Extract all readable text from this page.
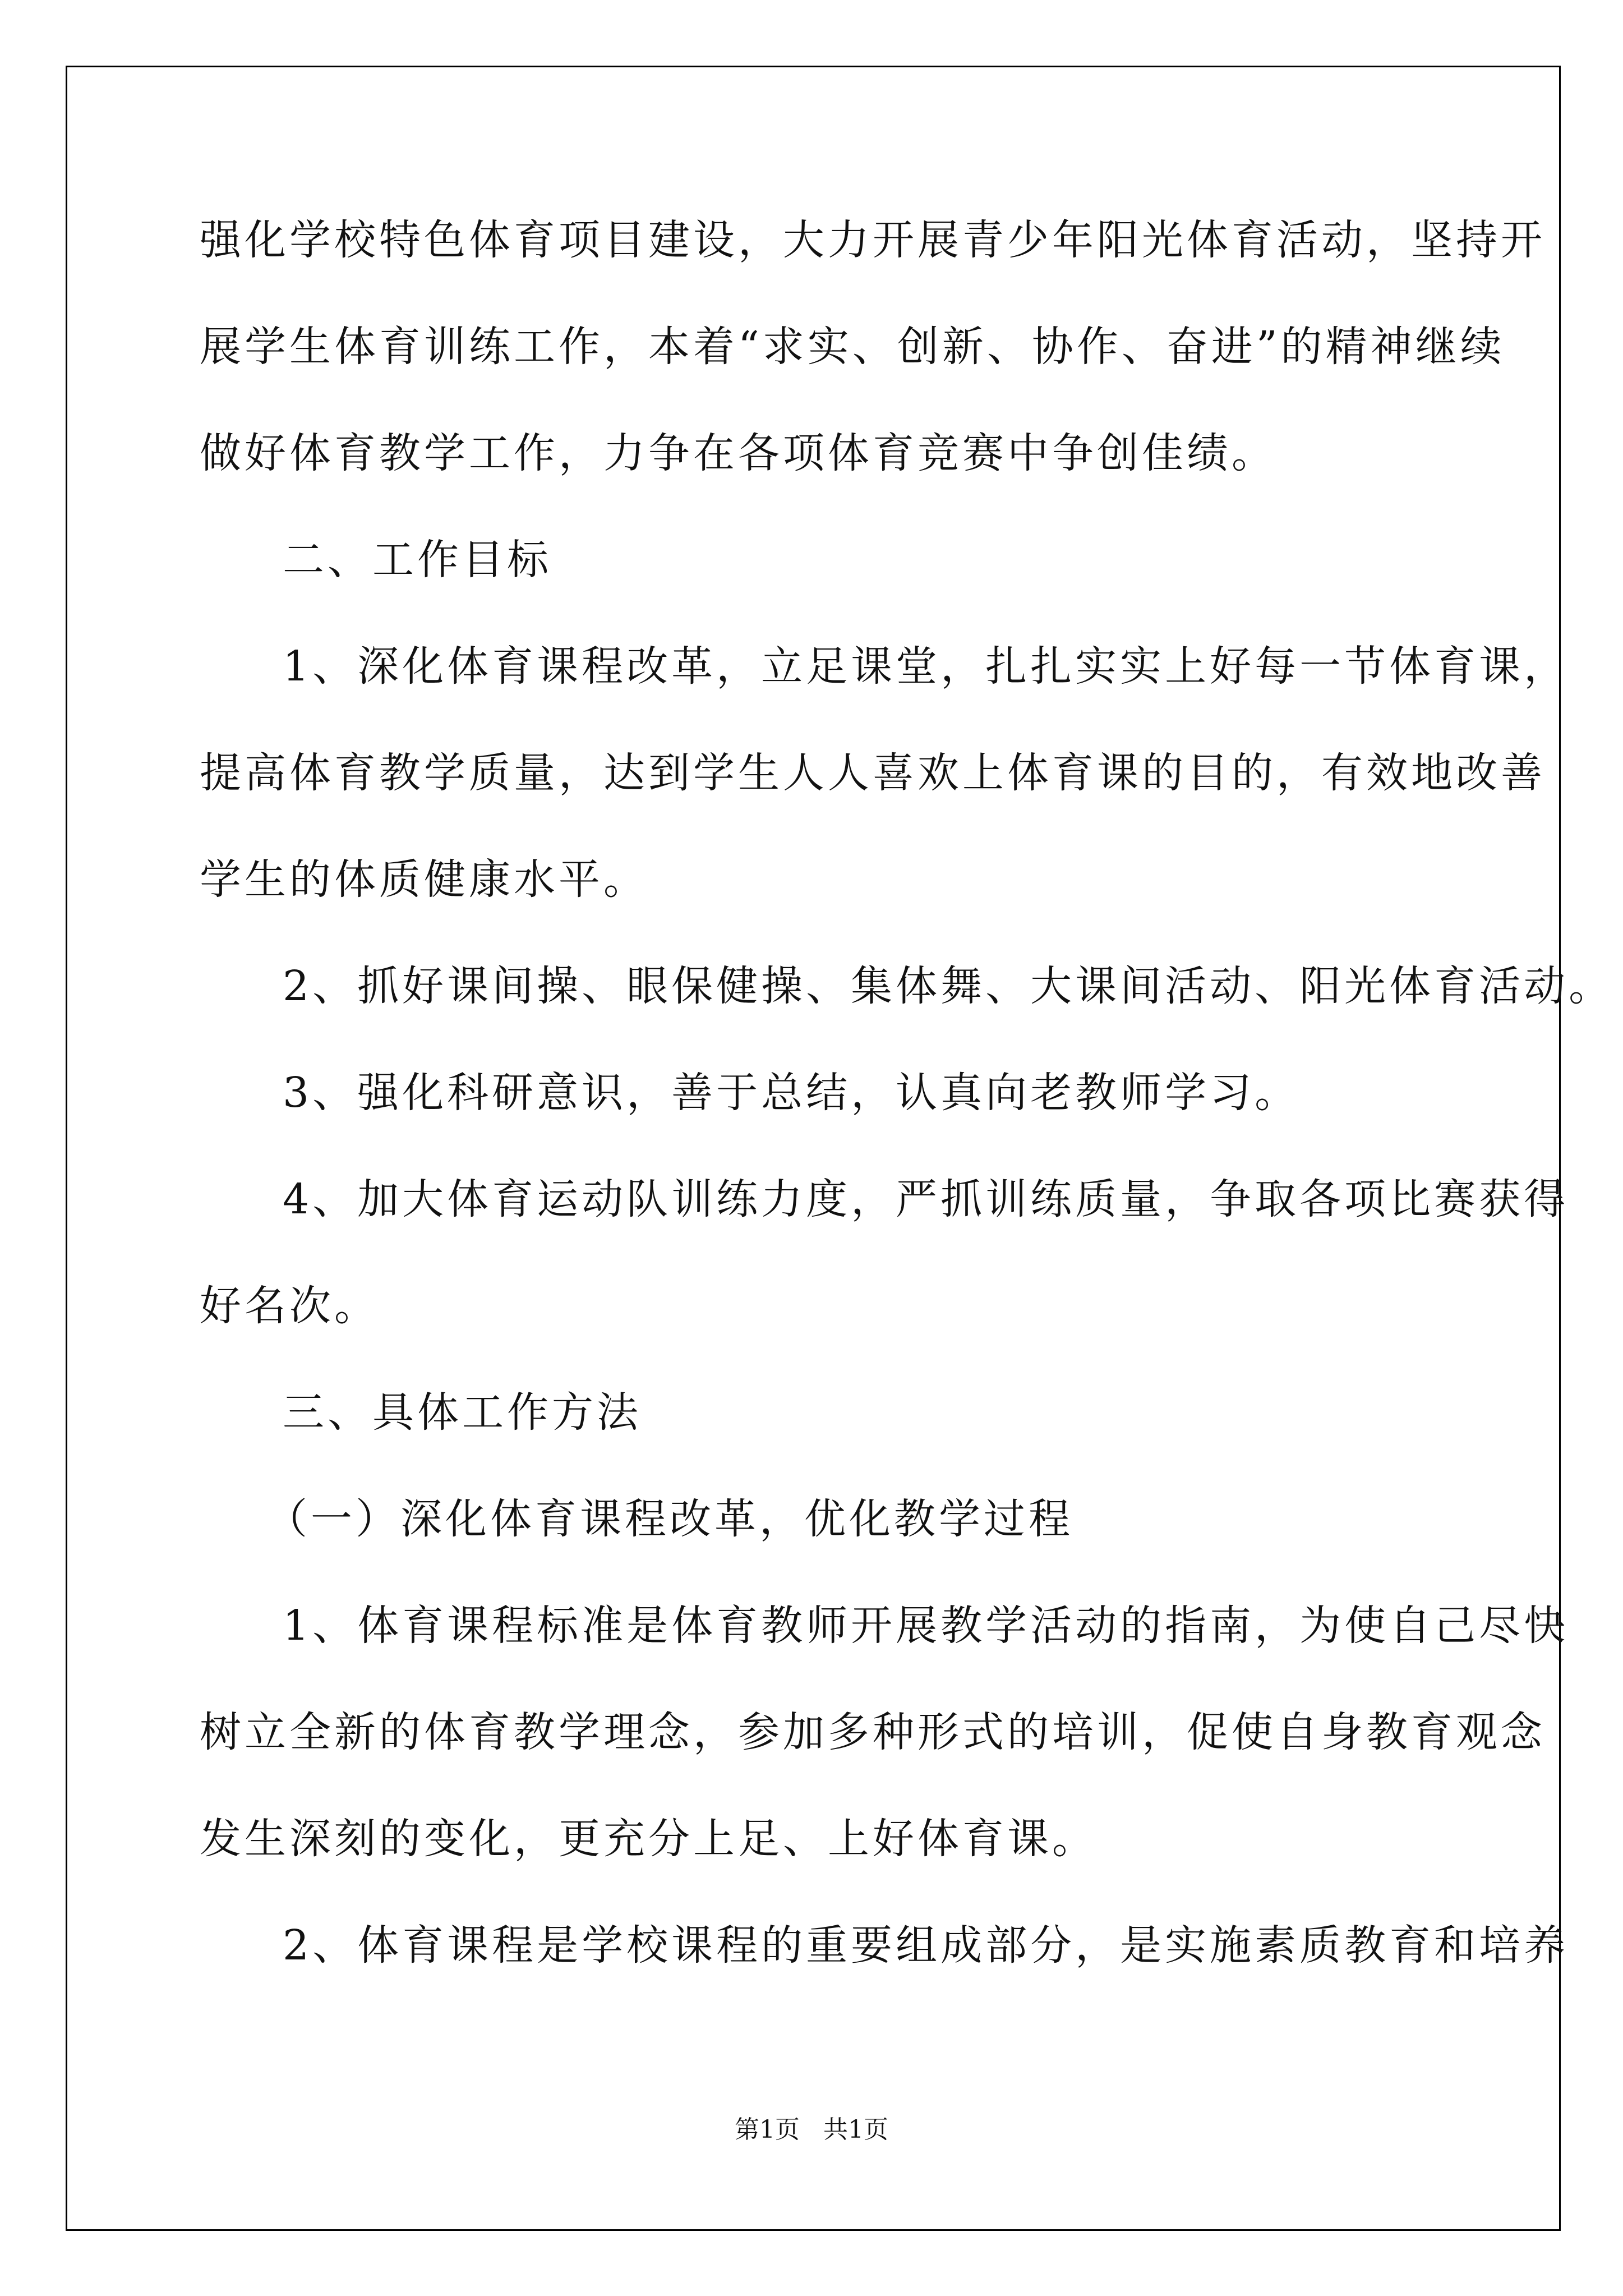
强化学校特色体育项目建设，大力开展青少年阳光体育活动，坚持开
展学生体育训练工作，本着“求实、创新、协作、奋进”的精神继续
做好体育教学工作，力争在各项体育竞赛中争创佳绩。
二、工作目标
1、深化体育课程改革，立足课堂，扎扎实实上好每一节体育课，
提高体育教学质量，达到学生人人喜欢上体育课的目的，有效地改善
学生的体质健康水平。
2、抓好课间操、眼保健操、集体舞、大课间活动、阳光体育活动。
3、强化科研意识，善于总结，认真向老教师学习。
4、加大体育运动队训练力度，严抓训练质量，争取各项比赛获得
好名次。
三、具体工作方法
（一）深化体育课程改革，优化教学过程
1、体育课程标准是体育教师开展教学活动的指南，为使自己尽快
树立全新的体育教学理念，参加多种形式的培训，促使自身教育观念
发生深刻的变化，更充分上足、上好体育课。
2、体育课程是学校课程的重要组成部分，是实施素质教育和培养
第1页   共1页
